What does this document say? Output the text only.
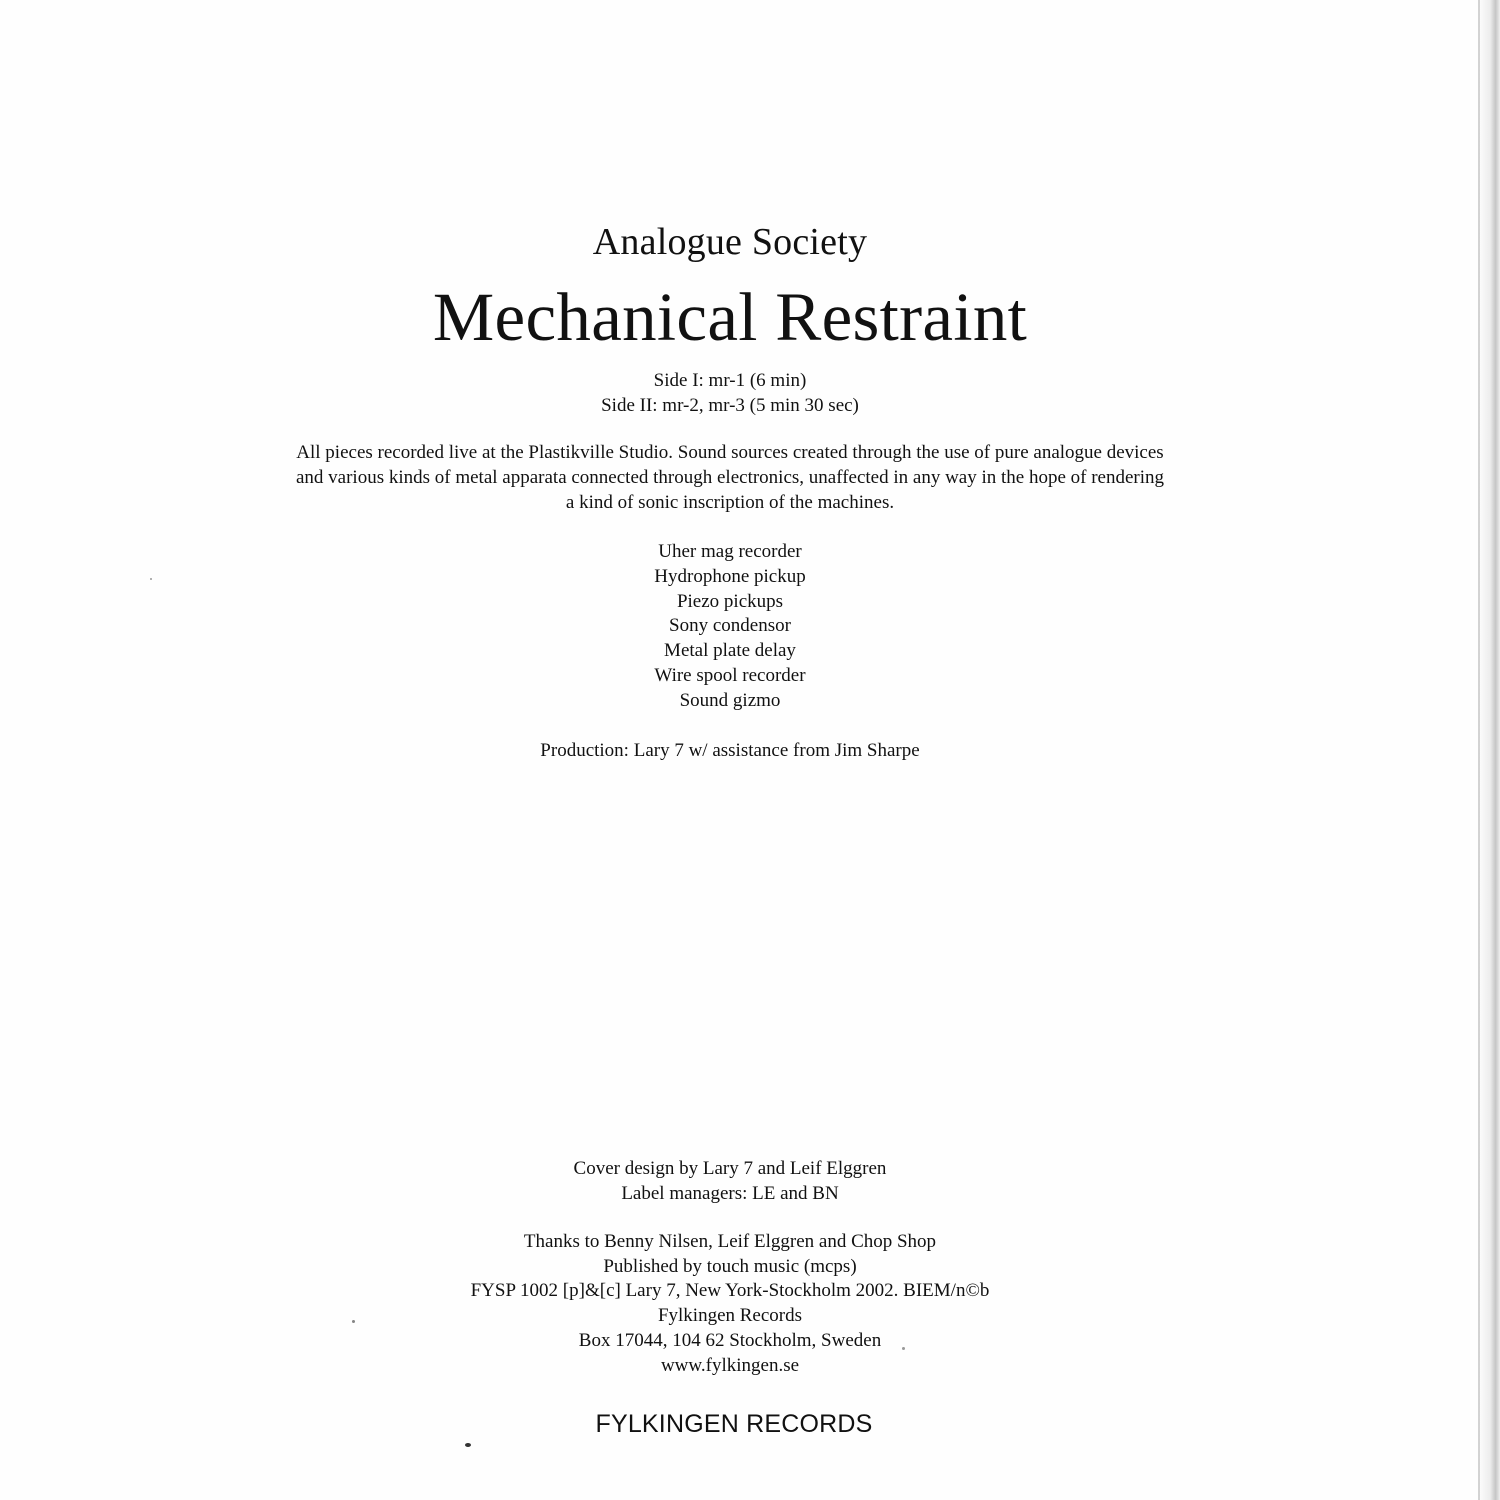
Analogue Society
Mechanical Restraint
Side I: mr-1 (6 min)
Side II: mr-2, mr-3 (5 min 30 sec)
All pieces recorded live at the Plastikville Studio. Sound sources created through the use of pure analogue devices
and various kinds of metal apparata connected through electronics, unaffected in any way in the hope of rendering
a kind of sonic inscription of the machines.
Uher mag recorder
Hydrophone pickup
Piezo pickups
Sony condensor
Metal plate delay
Wire spool recorder
Sound gizmo
Production: Lary 7 w/ assistance from Jim Sharpe
Cover design by Lary 7 and Leif Elggren
Label managers: LE and BN
Thanks to Benny Nilsen, Leif Elggren and Chop Shop
Published by touch music (mcps)
FYSP 1002 [p]&[c] Lary 7, New York-Stockholm 2002. BIEM/n©b
Fylkingen Records
Box 17044, 104 62 Stockholm, Sweden
www.fylkingen.se
FYLKINGEN RECORDS
